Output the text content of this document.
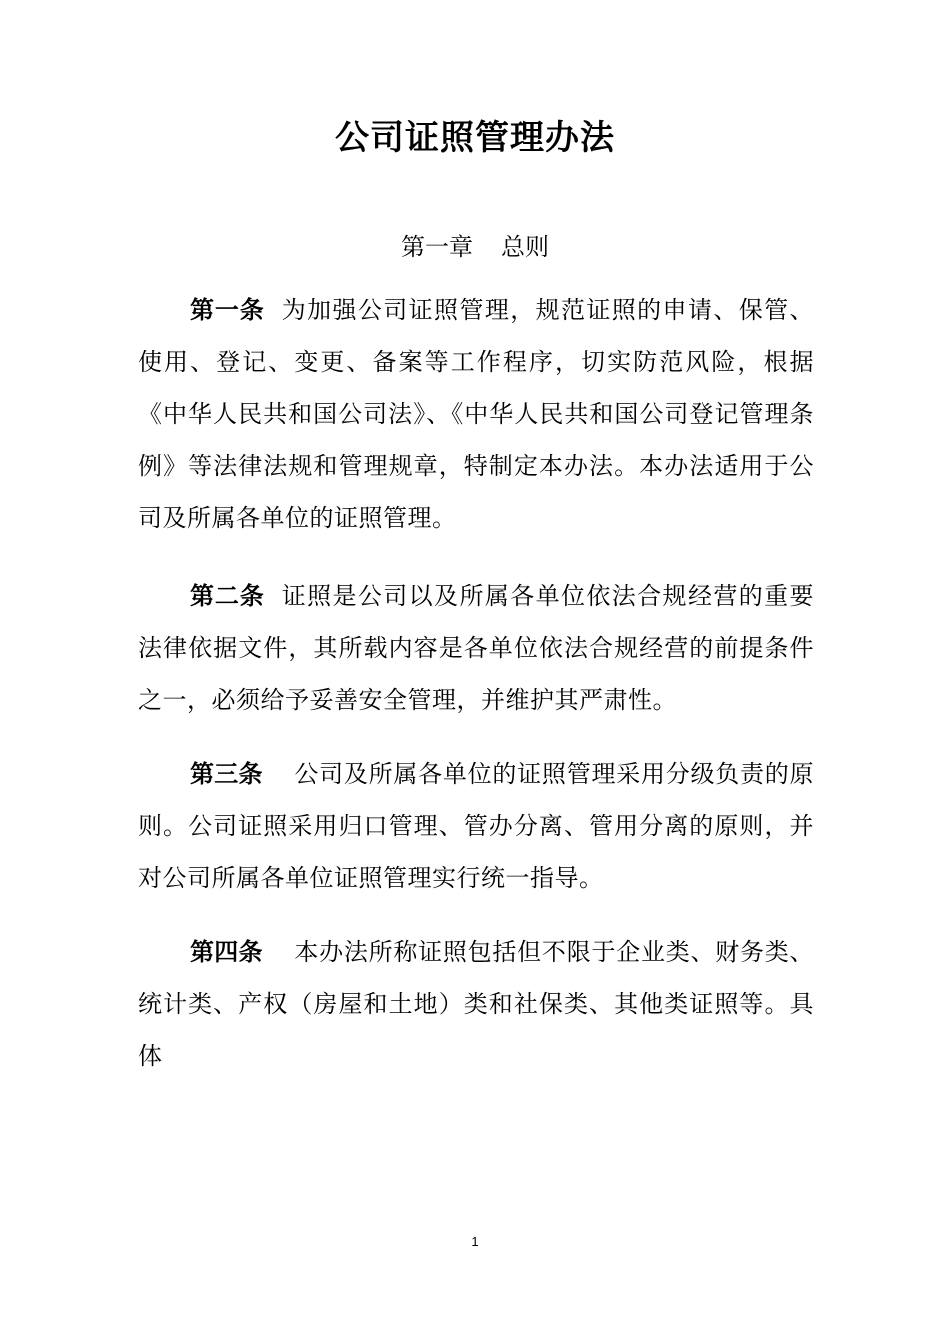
公司证照管理办法
第一章 总则

第一条 为加强公司证照管理，规范证照的申请、保管、使用、登记、变更、备案等工作程序，切实防范风险，根据《中华人民共和国公司法》、《中华人民共和国公司登记管理条例》等法律法规和管理规章，特制定本办法。本办法适用于公司及所属各单位的证照管理。

第二条 证照是公司以及所属各单位依法合规经营的重要法律依据文件，其所载内容是各单位依法合规经营的前提条件之一，必须给予妥善安全管理，并维护其严肃性。

第三条 公司及所属各单位的证照管理采用分级负责的原则。公司证照采用归口管理、管办分离、管用分离的原则，并对公司所属各单位证照管理实行统一指导。

第四条 本办法所称证照包括但不限于企业类、财务类、统计类、产权（房屋和土地）类和社保类、其他类证照等。具体

1
